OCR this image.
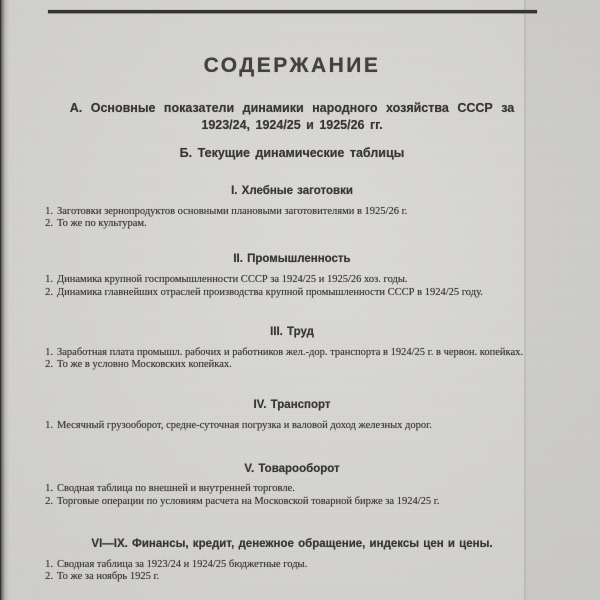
СОДЕРЖАНИЕ
А. Основные показатели динамики народного хозяйства СССР за
1923/24, 1924/25 и 1925/26 гг.
Б. Текущие динамические таблицы
I. Хлебные заготовки
1. Заготовки зернопродуктов основными плановыми заготовителями в 1925/26 г.
2. То же по культурам.
II. Промышленность
1. Динамика крупной госпромышленности СССР за 1924/25 и 1925/26 хоз. годы.
2. Динамика главнейших отраслей производства крупной промышленности СССР в 1924/25 году.
III. Труд
1. Заработная плата промышл. рабочих и работников жел.-дор. транспорта в 1924/25 г. в червон. копейках.
2. То же в условно Московских копейках.
IV. Транспорт
1. Месячный грузооборот, средне-суточная погрузка и валовой доход железных дорог.
V. Товарооборот
1. Сводная таблица по внешней и внутренней торговле.
2. Торговые операции по условиям расчета на Московской товарной бирже за 1924/25 г.
VI—IX. Финансы, кредит, денежное обращение, индексы цен и цены.
1. Сводная таблица за 1923/24 и 1924/25 бюджетные годы.
2. То же за ноябрь 1925 г.
